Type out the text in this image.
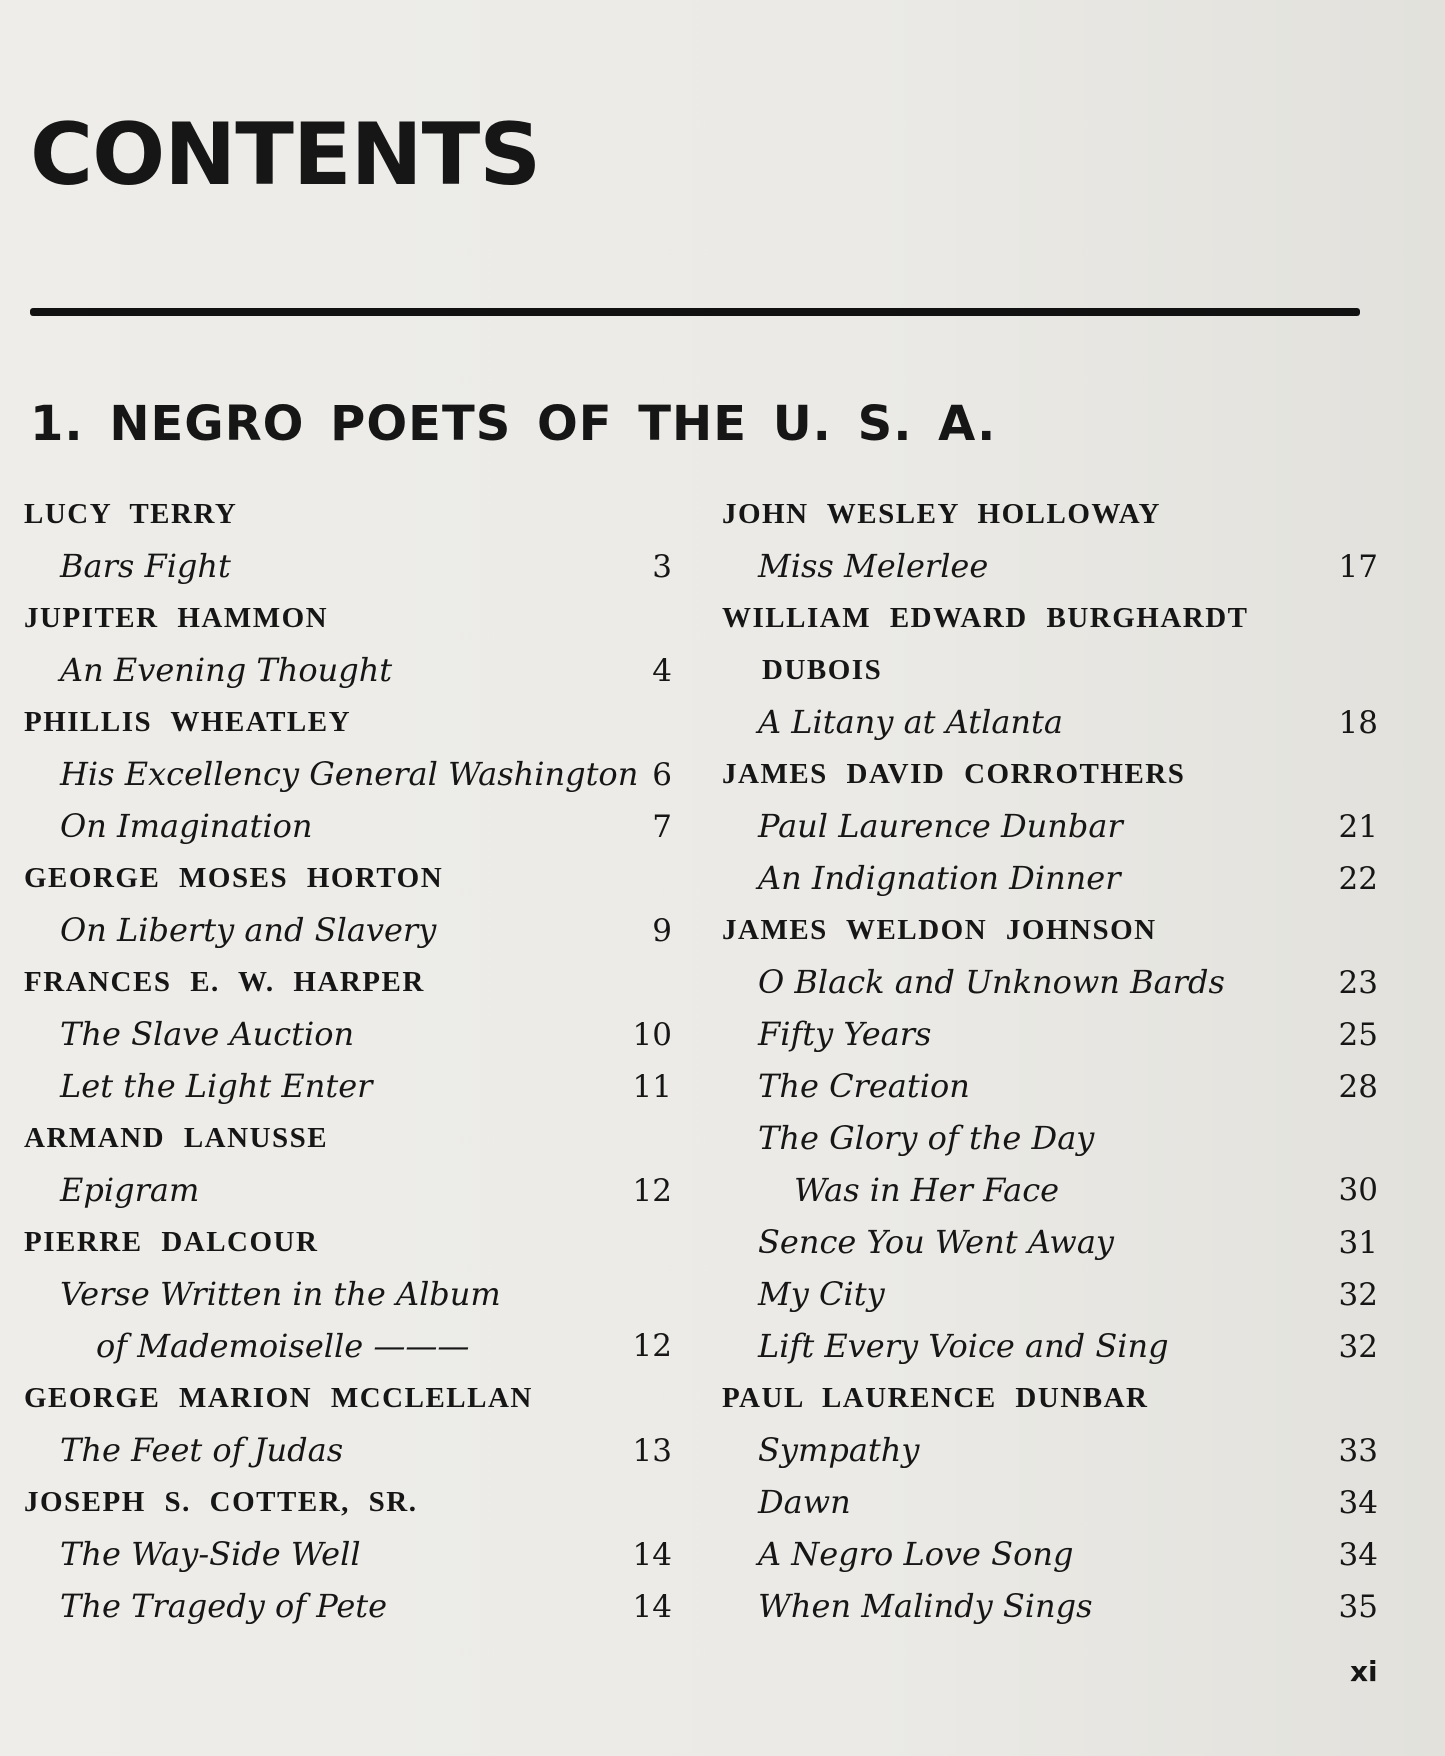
CONTENTS
1. NEGRO POETS OF THE U. S. A.
LUCY TERRY
Bars Fight	3
JUPITER HAMMON
An Evening Thought	4
PHILLIS WHEATLEY
His Excellency General Washington 6
On Imagination	7
GEORGE MOSES HORTON
On Liberty and Slavery	9
FRANCES E. W. HARPER
The Slave Auction	10
Let the Light Enter	11
ARMAND LANUSSE
Epigram	12
PIERRE DALCOUR
Verse Written in the Album
of Mademoiselle ———	12
GEORGE MARION MCCLELLAN
The Feet of Judas	13
JOSEPH S. COTTER, SR.
The Way-Side Well	14
The Tragedy of Pete	14
JOHN WESLEY HOLLOWAY
Miss Melerlee	17
WILLIAM EDWARD BURGHARDT
DUBOIS
A Litany at Atlanta	18
JAMES DAVID CORROTHERS
Paul Laurence Dunbar	21
An Indignation Dinner	22
JAMES WELDON JOHNSON
O Black and Unknown Bards	23
Fifty Years	25
The Creation	28
The Glory of the Day
Was in Her Face	30
Sence You Went Away	31
My City	32
Lift Every Voice and Sing	32
PAUL LAURENCE DUNBAR
Sympathy	33
Dawn	34
A Negro Love Song	34
When Malindy Sings	35
xi
